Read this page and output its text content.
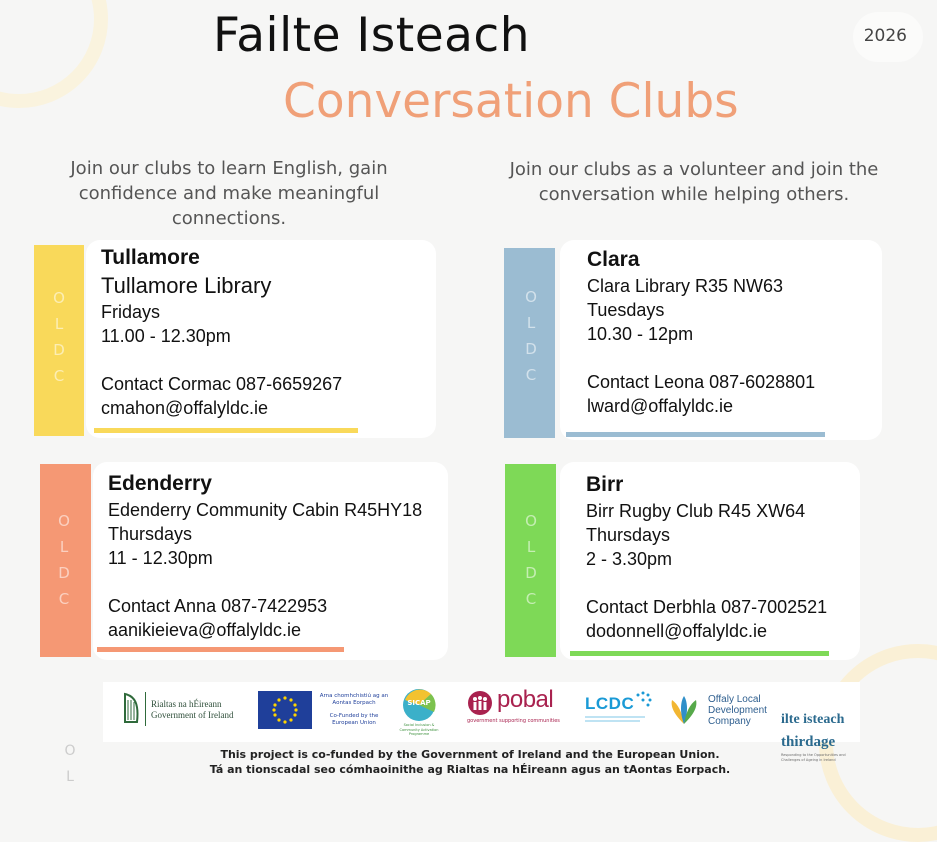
2026
Failte Isteach
Conversation Clubs
Join our clubs to learn English, gain confidence and make meaningful connections.
Join our clubs as a volunteer and join the conversation while helping others.
O
L
D
C
Tullamore
Tullamore Library
Fridays
11.00 - 12.30pm
Contact Cormac 087-6659267
cmahon@offalyldc.ie
O
L
D
C
Clara
Clara Library R35 NW63
Tuesdays
10.30 - 12pm
Contact Leona 087-6028801
lward@offalyldc.ie
O
L
D
C
Edenderry
Edenderry Community Cabin R45HY18
Thursdays
11 - 12.30pm
Contact Anna 087-7422953
aanikieieva@offalyldc.ie
O
L
D
C
Birr
Birr Rugby Club R45 XW64
Thursdays
2 - 3.30pm
Contact Derbhla 087-7002521
dodonnell@offalyldc.ie
Rialtas na hÉireann
Government of Ireland
Arna chomhchistiú ag an Aontas Eorpach
Co-Funded by the European Union
SICAP
Social Inclusion & Community Activation Programme
pobal
government supporting communities
LCDC	Offaly Local
Development
Company	ilte isteach
thirdage
Responding to the Opportunities and Challenges of Ageing in Ireland
O
L
This project is co-funded by the Government of Ireland and the European Union.
Tá an tionscadal seo cómhaoinithe ag Rialtas na hÉireann agus an tAontas Eorpach.
